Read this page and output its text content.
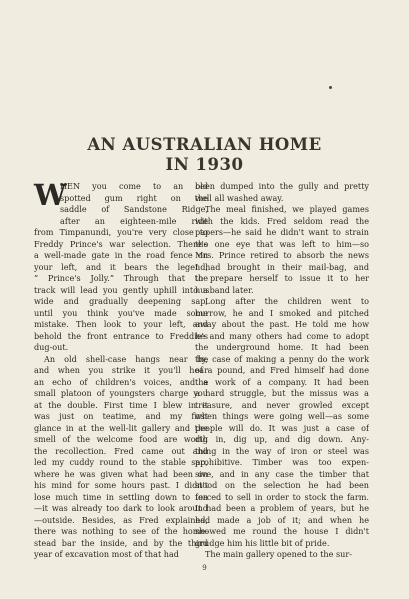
AN AUSTRALIAN HOME
IN 1930
W
HEN you come to an old
spotted gum right on the
saddle of Sandstone Ridge,
after an eighteen-mile ride
from Timpanundi, you're very close to
Freddy Prince's war selection. There's
a well-made gate in the road fence on
your left, and it bears the legend,
“ Prince's Jolly.” Through that the
track will lead you gently uphill into a
wide and gradually deepening sap,
until you think you've made some
mistake. Then look to your left, and
behold the front entrance to Freddie's
dug-out.
An old shell-case hangs near by,
and when you strike it you'll hear
an echo of children's voices, and a
small platoon of youngsters charge you
at the double. First time I blew in it
was just on teatime, and my first
glance in at the well-lit gallery and the
smell of the welcome food are worth
the recollection. Fred came out and
led my cuddy round to the stable sap,
where he was given what had been on
his mind for some hours past. I didn't
lose much time in settling down to tea
—it was already too dark to look around
—outside. Besides, as Fred explained,
there was nothing to see of the home-
stead bar the inside, and by the third
year of excavation most of that had
been dumped into the gully and pretty
well all washed away.
The meal finished, we played games
with the kids. Fred seldom read the
papers—he said he didn't want to strain
the one eye that was left to him—so
Mrs. Prince retired to absorb the news
I had brought in their mail-bag, and
to prepare herself to issue it to her
husband later.
Long after the children went to
burrow, he and I smoked and pitched
away about the past. He told me how
he and many others had come to adopt
the underground home. It had been
the case of making a penny do the work
of a pound, and Fred himself had done
the work of a company. It had been
a hard struggle, but the missus was a
treasure, and never growled except
when things were going well—as some
people will do. It was just a case of
dig in, dig up, and dig down. Any-
thing in the way of iron or steel was
prohibitive. Timber was too expen-
sive, and in any case the timber that
stood on the selection he had been
forced to sell in order to stock the farm.
It had been a problem of years, but he
had made a job of it; and when he
showed me round the house I didn't
grudge him his little bit of pride.
The main gallery opened to the sur-
9
